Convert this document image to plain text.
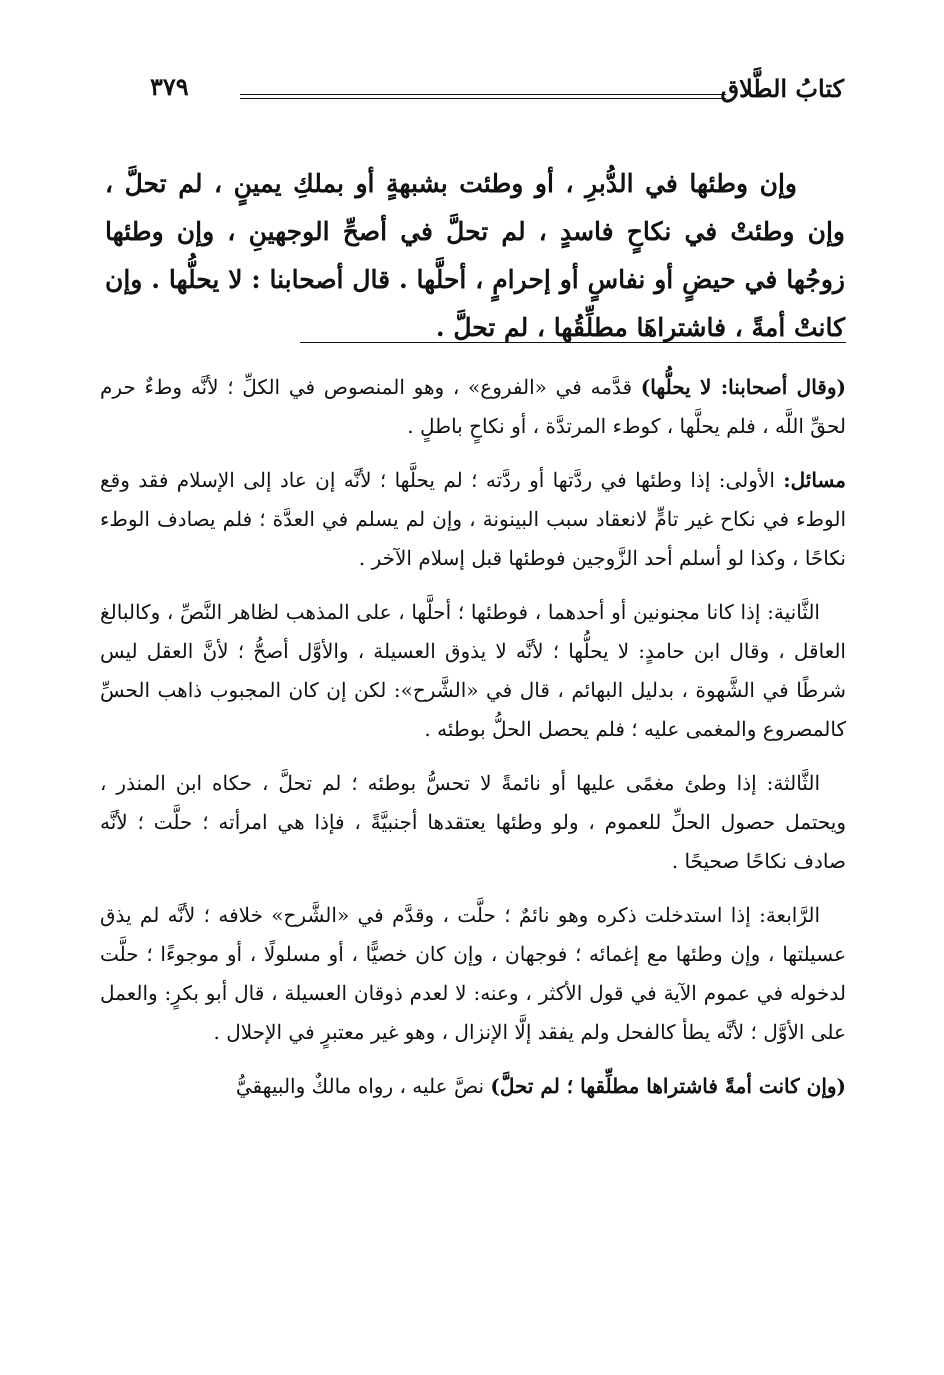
كتابُ الطَّلاق
٣٧٩

وإن وطئها في الدُّبرِ ، أو وطئت بشبهةٍ أو بملكِ يمينٍ ، لم تحلَّ ، وإن وطئتْ في نكاحٍ فاسدٍ ، لم تحلَّ في أصحِّ الوجهينِ ، وإن وطئها زوجُها في حيضٍ أو نفاسٍ أو إحرامٍ ، أحلَّها . قال أصحابنا : لا يحلُّها . وإن كانتْ أمةً ، فاشتراهَا مطلِّقُها ، لم تحلَّ .

(وقال أصحابنا: لا يحلُّها) قدَّمه في «الفروع» ، وهو المنصوص في الكلِّ ؛ لأنَّه وطءٌ حرم لحقِّ اللَّه ، فلم يحلَّها ، كوطء المرتدَّة ، أو نكاحٍ باطلٍ .

مسائل: الأولى: إذا وطئها في ردَّتها أو ردَّته ؛ لم يحلَّها ؛ لأنَّه إن عاد إلى الإسلام فقد وقع الوطء في نكاح غير تامٍّ لانعقاد سبب البينونة ، وإن لم يسلم في العدَّة ؛ فلم يصادف الوطء نكاحًا ، وكذا لو أسلم أحد الزَّوجين فوطئها قبل إسلام الآخر .

الثَّانية: إذا كانا مجنونين أو أحدهما ، فوطئها ؛ أحلَّها ، على المذهب لظاهر النَّصِّ ، وكالبالغ العاقل ، وقال ابن حامدٍ: لا يحلُّها ؛ لأنَّه لا يذوق العسيلة ، والأوَّل أصحُّ ؛ لأنَّ العقل ليس شرطًا في الشَّهوة ، بدليل البهائم ، قال في «الشَّرح»: لكن إن كان المجبوب ذاهب الحسِّ كالمصروع والمغمى عليه ؛ فلم يحصل الحلُّ بوطئه .

الثَّالثة: إذا وطئ مغمًى عليها أو نائمةً لا تحسُّ بوطئه ؛ لم تحلَّ ، حكاه ابن المنذر ، ويحتمل حصول الحلِّ للعموم ، ولو وطئها يعتقدها أجنبيَّةً ، فإذا هي امرأته ؛ حلَّت ؛ لأنَّه صادف نكاحًا صحيحًا .

الرَّابعة: إذا استدخلت ذكره وهو نائمٌ ؛ حلَّت ، وقدَّم في «الشَّرح» خلافه ؛ لأنَّه لم يذق عسيلتها ، وإن وطئها مع إغمائه ؛ فوجهان ، وإن كان خصيًّا ، أو مسلولًا ، أو موجوءًا ؛ حلَّت لدخوله في عموم الآية في قول الأكثر ، وعنه: لا لعدم ذوقان العسيلة ، قال أبو بكرٍ: والعمل على الأوَّل ؛ لأنَّه يطأ كالفحل ولم يفقد إلَّا الإنزال ، وهو غير معتبرٍ في الإحلال .

(وإن كانت أمةً فاشتراها مطلِّقها ؛ لم تحلَّ) نصَّ عليه ، رواه مالكٌ والبيهقيُّ
